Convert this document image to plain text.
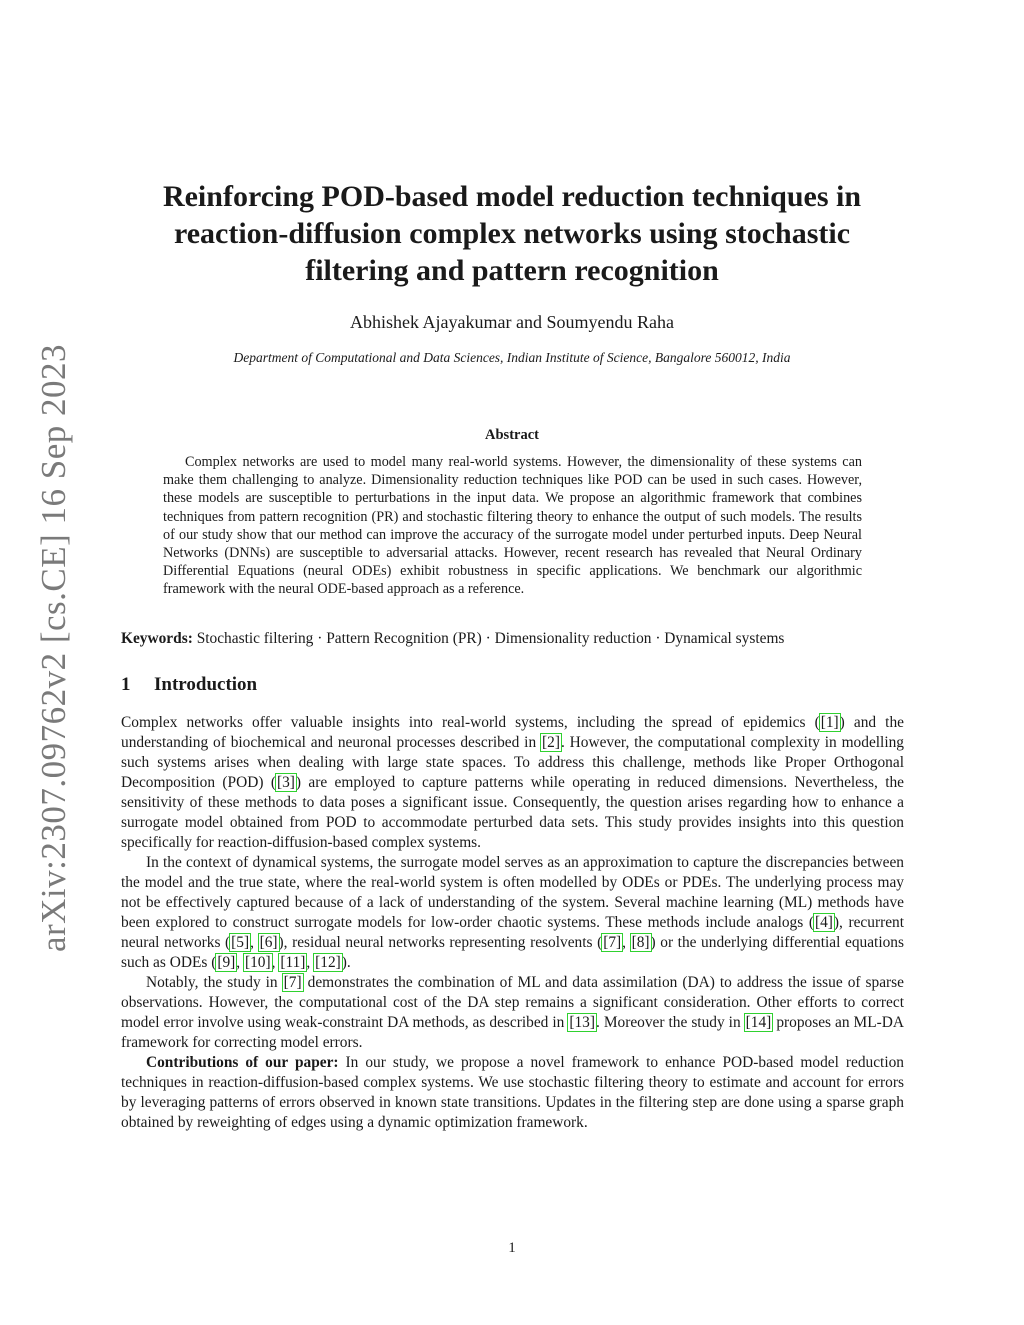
arXiv:2307.09762v2 [cs.CE] 16 Sep 2023
Reinforcing POD-based model reduction techniques in
reaction-diffusion complex networks using stochastic
filtering and pattern recognition
Abhishek Ajayakumar and Soumyendu Raha
Department of Computational and Data Sciences, Indian Institute of Science, Bangalore 560012, India
Abstract

Complex networks are used to model many real-world systems. However, the dimensionality of these systems can make them challenging to analyze. Dimensionality reduction techniques like POD can be used in such cases. However, these models are susceptible to perturbations in the input data. We propose an algorithmic framework that combines techniques from pattern recognition (PR) and stochastic filtering theory to enhance the output of such models. The results of our study show that our method can improve the accuracy of the surrogate model under perturbed inputs. Deep Neural Networks (DNNs) are susceptible to adversarial attacks. However, recent research has revealed that Neural Ordinary Differential Equations (neural ODEs) exhibit robustness in specific applications. We benchmark our algorithmic framework with the neural ODE-based approach as a reference.

Keywords: Stochastic filtering · Pattern Recognition (PR) · Dimensionality reduction · Dynamical systems

1 Introduction

Complex networks offer valuable insights into real-world systems, including the spread of epidemics ([1]) and the understanding of biochemical and neuronal processes described in [2]. However, the computational complexity in modelling such systems arises when dealing with large state spaces. To address this challenge, methods like Proper Orthogonal Decomposition (POD) ([3]) are employed to capture patterns while operating in reduced dimensions. Nevertheless, the sensitivity of these methods to data poses a significant issue. Consequently, the question arises regarding how to enhance a surrogate model obtained from POD to accommodate perturbed data sets. This study provides insights into this question specifically for reaction-diffusion-based complex systems.

In the context of dynamical systems, the surrogate model serves as an approximation to capture the discrepancies between the model and the true state, where the real-world system is often modelled by ODEs or PDEs. The underlying process may not be effectively captured because of a lack of understanding of the system. Several machine learning (ML) methods have been explored to construct surrogate models for low-order chaotic systems. These methods include analogs ([4]), recurrent neural networks ([5], [6]), residual neural networks representing resolvents ([7], [8]) or the underlying differential equations such as ODEs ([9], [10], [11], [12]).

Notably, the study in [7] demonstrates the combination of ML and data assimilation (DA) to address the issue of sparse observations. However, the computational cost of the DA step remains a significant consideration. Other efforts to correct model error involve using weak-constraint DA methods, as described in [13]. Moreover the study in [14] proposes an ML-DA framework for correcting model errors.

Contributions of our paper: In our study, we propose a novel framework to enhance POD-based model reduction techniques in reaction-diffusion-based complex systems. We use stochastic filtering theory to estimate and account for errors by leveraging patterns of errors observed in known state transitions. Updates in the filtering step are done using a sparse graph obtained by reweighting of edges using a dynamic optimization framework.

1
